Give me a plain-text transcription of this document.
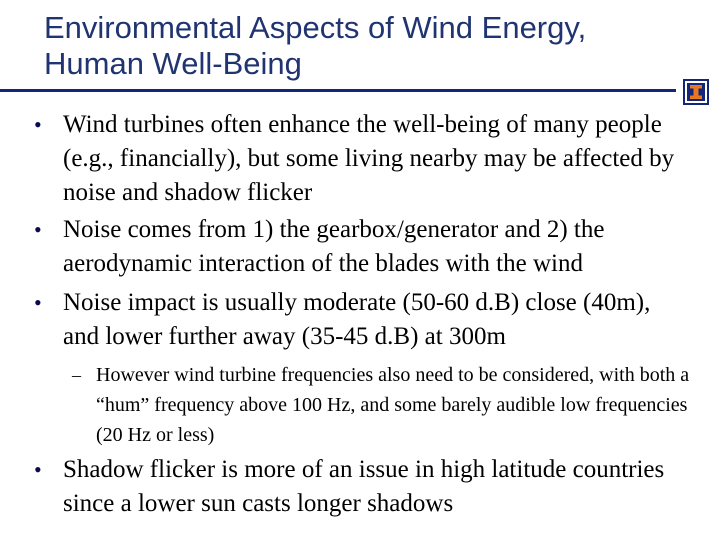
Environmental Aspects of Wind Energy, Human Well-Being
• Wind turbines often enhance the well-being of many people (e.g., financially), but some living nearby may be affected by noise and shadow flicker
• Noise comes from 1) the gearbox/generator and 2) the aerodynamic interaction of the blades with the wind
• Noise impact is usually moderate (50-60 d.B) close (40m), and lower further away (35-45 d.B) at 300m
– However wind turbine frequencies also need to be considered, with both a “hum” frequency above 100 Hz, and some barely audible low frequencies (20 Hz or less)
• Shadow flicker is more of an issue in high latitude countries since a lower sun casts longer shadows
